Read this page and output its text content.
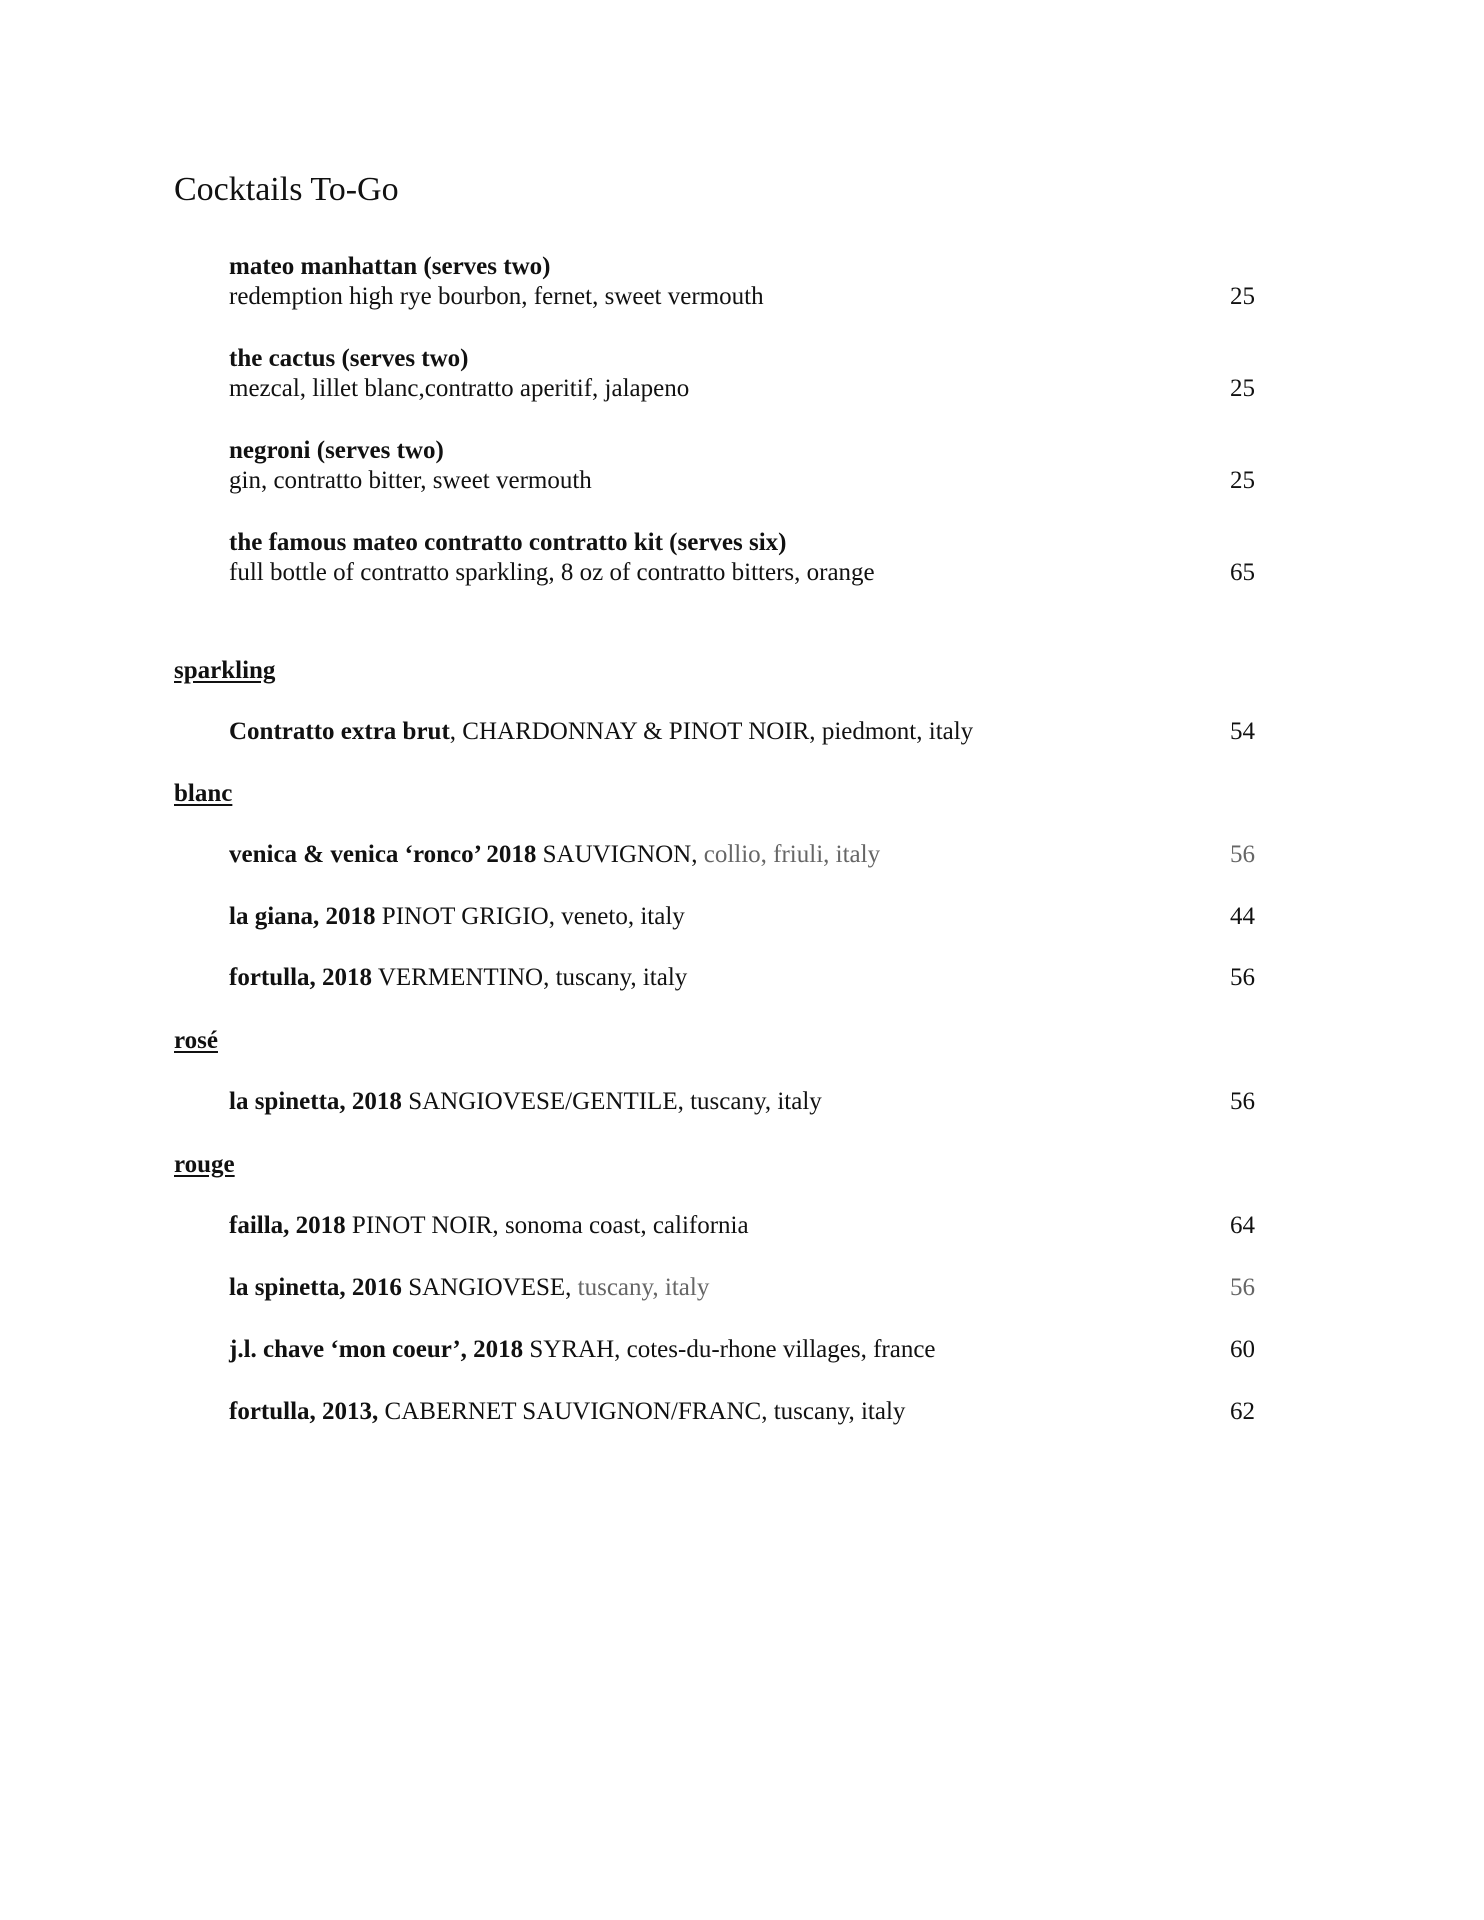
Cocktails To-Go
mateo manhattan (serves two)
redemption high rye bourbon, fernet, sweet vermouth	25
the cactus (serves two)
mezcal, lillet blanc,contratto aperitif, jalapeno	25
negroni (serves two)
gin, contratto bitter, sweet vermouth	25
the famous mateo contratto contratto kit (serves six)
full bottle of contratto sparkling, 8 oz of contratto bitters, orange	65
sparkling
Contratto extra brut, CHARDONNAY & PINOT NOIR, piedmont, italy	54
blanc
venica & venica ‘ronco’ 2018 SAUVIGNON, collio, friuli, italy	56
la giana, 2018 PINOT GRIGIO, veneto, italy	44
fortulla, 2018 VERMENTINO, tuscany, italy	56
rosé
la spinetta, 2018 SANGIOVESE/GENTILE, tuscany, italy	56
rouge
failla, 2018 PINOT NOIR, sonoma coast, california	64
la spinetta, 2016 SANGIOVESE, tuscany, italy	56
j.l. chave ‘mon coeur’, 2018 SYRAH, cotes-du-rhone villages, france	60
fortulla, 2013, CABERNET SAUVIGNON/FRANC, tuscany, italy	62
